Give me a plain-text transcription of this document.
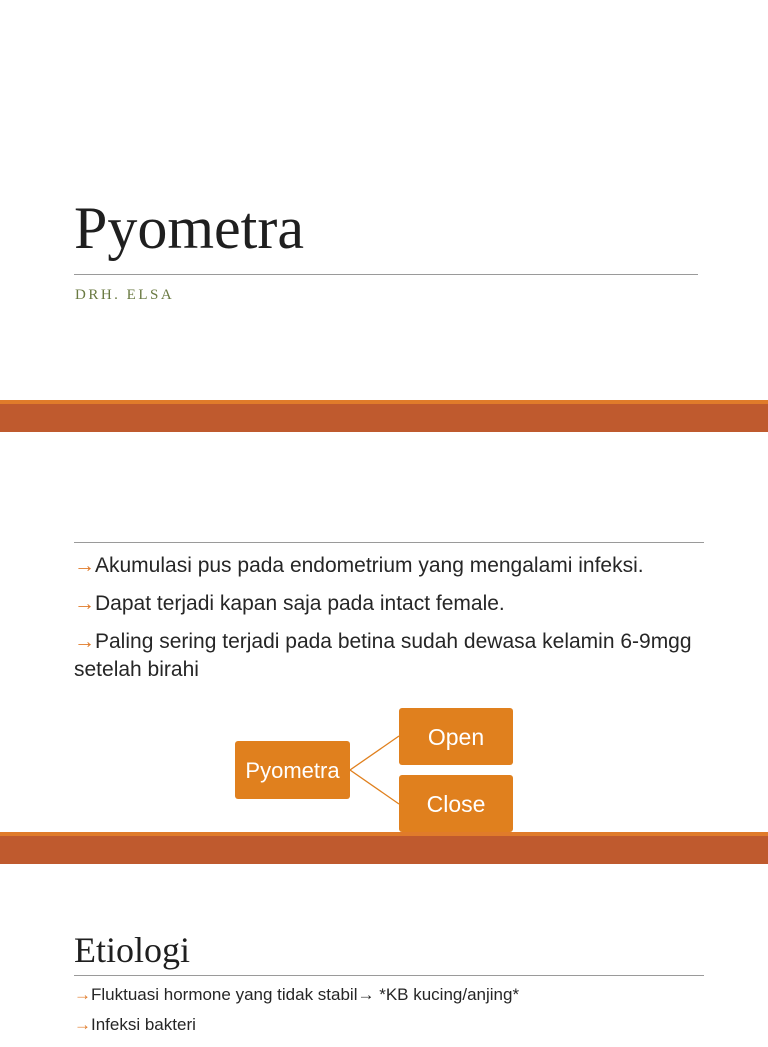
Pyometra
DRH. ELSA
→Akumulasi pus pada endometrium yang mengalami infeksi.
→Dapat terjadi kapan saja pada intact female.
→Paling sering terjadi pada betina sudah dewasa kelamin 6-9mgg setelah birahi
Pyometra
Open
Close
Etiologi
→Fluktuasi hormone yang tidak stabil→ *KB kucing/anjing*
→Infeksi bakteri
